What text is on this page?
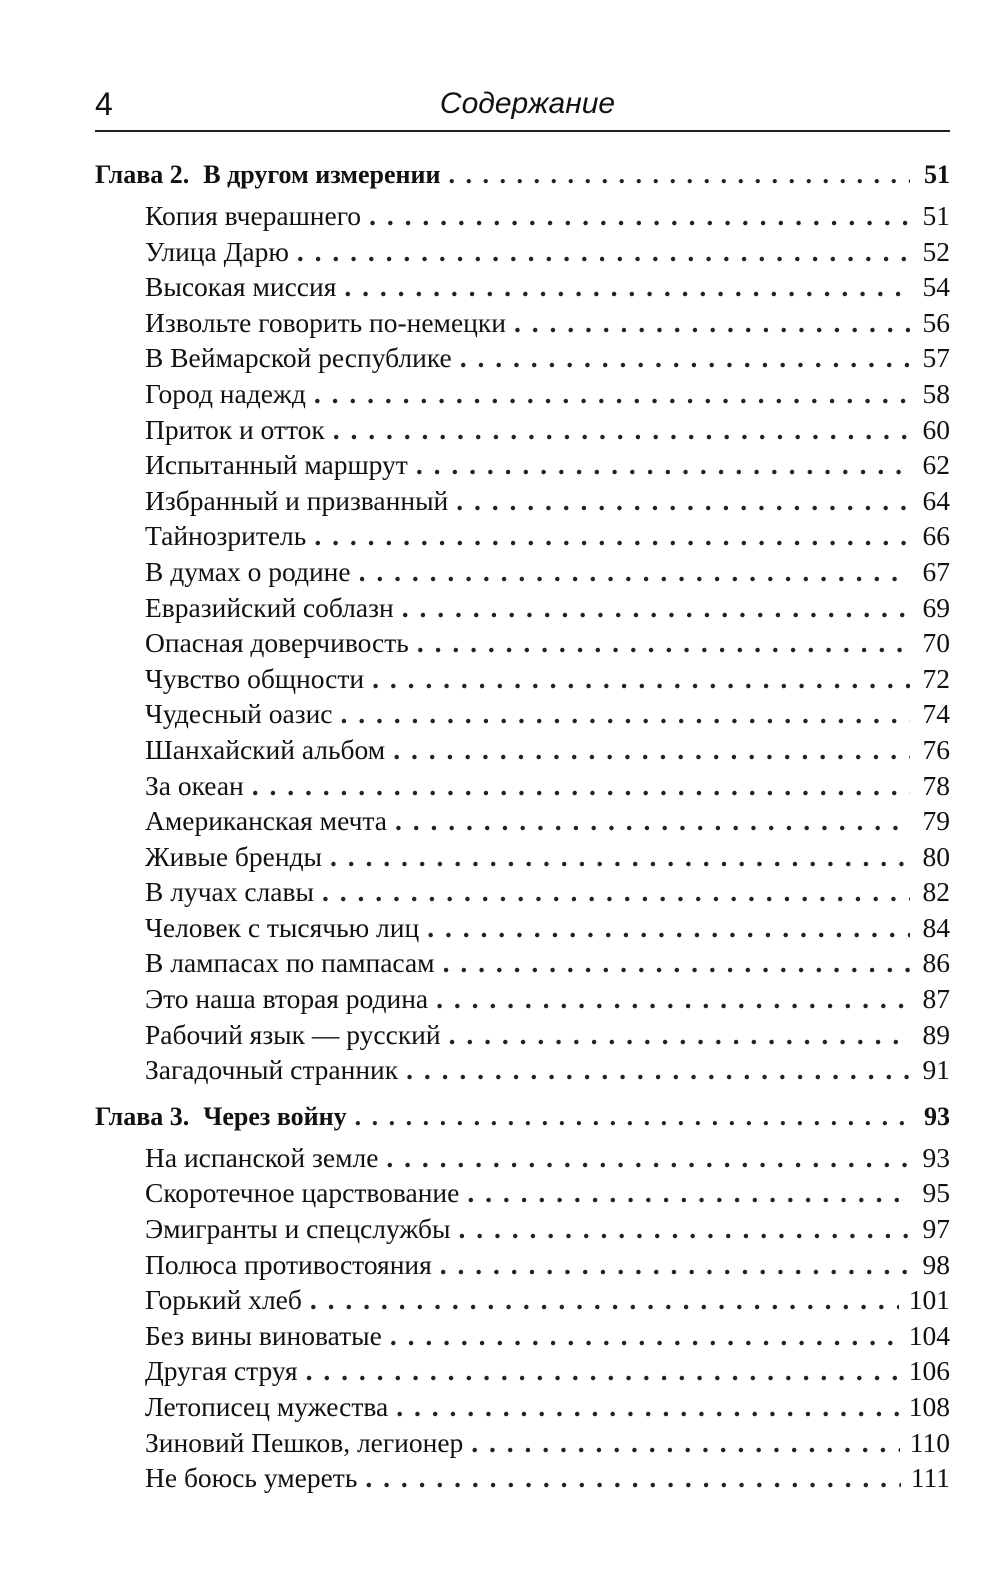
4	Содержание
Глава 2. В другом измерении . . .	51
Копия вчерашнего . . .	51
Улица Дарю . . .	52
Высокая миссия . . .	54
Извольте говорить по-немецки . . .	56
В Веймарской республике . . .	57
Город надежд . . .	58
Приток и отток . . .	60
Испытанный маршрут . . .	62
Избранный и призванный . . .	64
Тайнозритель . . .	66
В думах о родине . . .	67
Евразийский соблазн . . .	69
Опасная доверчивость . . .	70
Чувство общности . . .	72
Чудесный оазис . . .	74
Шанхайский альбом . . .	76
За океан . . .	78
Американская мечта . . .	79
Живые бренды . . .	80
В лучах славы . . .	82
Человек с тысячью лиц . . .	84
В лампасах по пампасам . . .	86
Это наша вторая родина . . .	87
Рабочий язык — русский . . .	89
Загадочный странник . . .	91
Глава 3. Через войну . . .	93
На испанской земле . . .	93
Скоротечное царствование . . .	95
Эмигранты и спецслужбы . . .	97
Полюса противостояния . . .	98
Горький хлеб . . .	101
Без вины виноватые . . .	104
Другая струя . . .	106
Летописец мужества . . .	108
Зиновий Пешков, легионер . . .	110
Не боюсь умереть . . .	111
